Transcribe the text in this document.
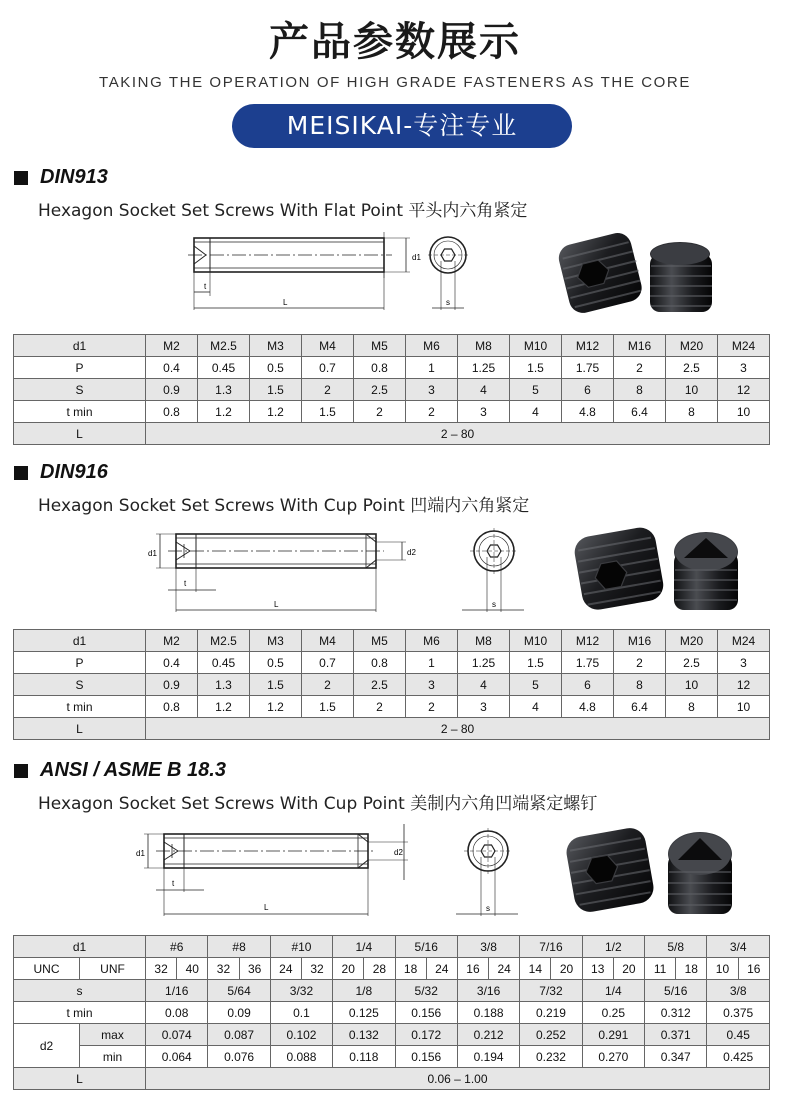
产品参数展示
TAKING THE OPERATION OF HIGH GRADE FASTENERS AS THE CORE
MEISIKAI-专注专业
DIN913
Hexagon Socket Set Screws With Flat Point 平头内六角紧定
d1
t
L	s
d1	M2	M2.5	M3	M4	M5	M6	M8	M10	M12	M16	M20	M24
P	0.4	0.45	0.5	0.7	0.8	1	1.25	1.5	1.75	2	2.5	3
S	0.9	1.3	1.5	2	2.5	3	4	5	6	8	10	12
t min	0.8	1.2	1.2	1.5	2	2	3	4	4.8	6.4	8	10
L	2 – 80											
DIN916
Hexagon Socket Set Screws With Cup Point 凹端内六角紧定
d1	d2
t
L	s
d1	M2	M2.5	M3	M4	M5	M6	M8	M10	M12	M16	M20	M24
P	0.4	0.45	0.5	0.7	0.8	1	1.25	1.5	1.75	2	2.5	3
S	0.9	1.3	1.5	2	2.5	3	4	5	6	8	10	12
t min	0.8	1.2	1.2	1.5	2	2	3	4	4.8	6.4	8	10
L	2 – 80											
ANSI / ASME B 18.3
Hexagon Socket Set Screws With Cup Point 美制内六角凹端紧定螺钉
d1	d2
t
L	s
d1		#6		#8		#10		1/4		5/16		3/8		7/16		1/2		5/8		3/4	
UNC	UNF	32	40	32	36	24	32	20	28	18	24	16	24	14	20	13	20	11	18	10	16
s		1/16		5/64		3/32		1/8		5/32		3/16		7/32		1/4		5/16		3/8	
t min		0.08		0.09		0.1		0.125		0.156		0.188		0.219		0.25		0.312		0.375	
d2	max	0.074		0.087		0.102		0.132		0.172		0.212		0.252		0.291		0.371		0.45	
	min	0.064		0.076		0.088		0.118		0.156		0.194		0.232		0.270		0.347		0.425	
L		0.06 – 1.00																			
